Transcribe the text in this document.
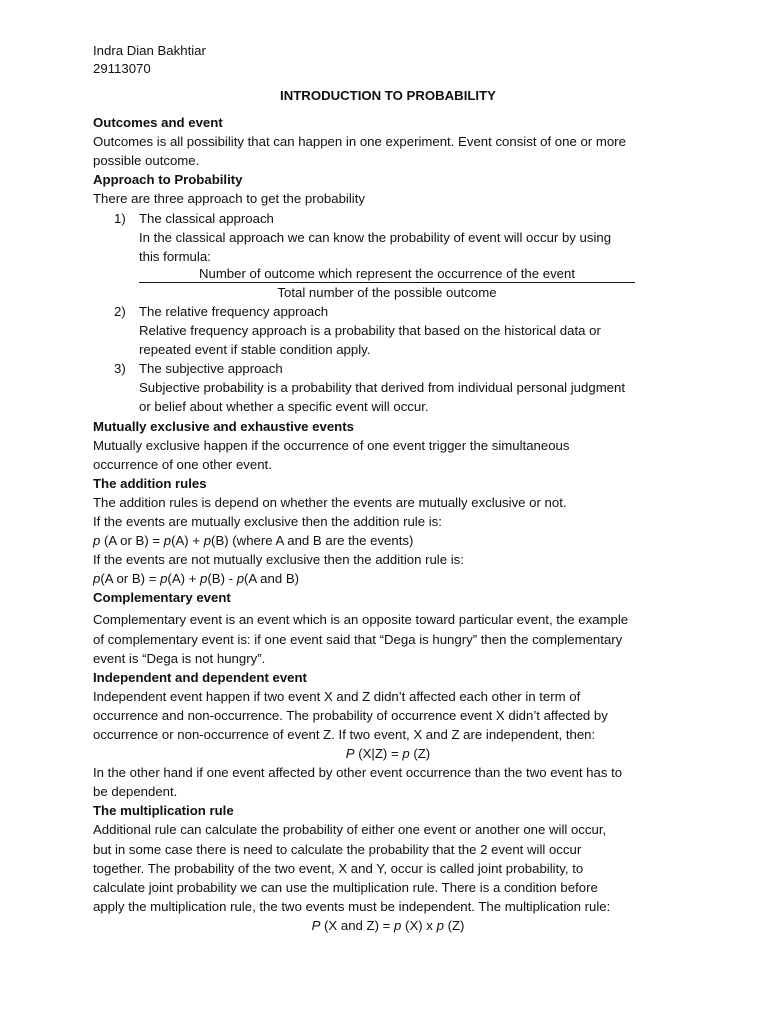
Indra Dian Bakhtiar
29113070
INTRODUCTION TO PROBABILITY
Outcomes and event
Outcomes is all possibility that can happen in one experiment. Event consist of one or more
possible outcome.
Approach to Probability
There are three approach to get the probability
1) The classical approach
In the classical approach we can know the probability of event will occur by using
this formula:
Number of outcome which represent the occurrence of the event
Total number of the possible outcome
2) The relative frequency approach
Relative frequency approach is a probability that based on the historical data or
repeated event if stable condition apply.
3) The subjective approach
Subjective probability is a probability that derived from individual personal judgment
or belief about whether a specific event will occur.
Mutually exclusive and exhaustive events
Mutually exclusive happen if the occurrence of one event trigger the simultaneous
occurrence of one other event.
The addition rules
The addition rules is depend on whether the events are mutually exclusive or not.
If the events are mutually exclusive then the addition rule is:
p (A or B) = p(A) + p(B) (where A and B are the events)
If the events are not mutually exclusive then the addition rule is:
p(A or B) = p(A) + p(B) - p(A and B)
Complementary event
Complementary event is an event which is an opposite toward particular event, the example
of complementary event is: if one event said that “Dega is hungry” then the complementary
event is “Dega is not hungry”.
Independent and dependent event
Independent event happen if two event X and Z didn’t affected each other in term of
occurrence and non-occurrence. The probability of occurrence event X didn’t affected by
occurrence or non-occurrence of event Z. If two event, X and Z are independent, then:
P (X|Z) = p (Z)
In the other hand if one event affected by other event occurrence than the two event has to
be dependent.
The multiplication rule
Additional rule can calculate the probability of either one event or another one will occur,
but in some case there is need to calculate the probability that the 2 event will occur
together. The probability of the two event, X and Y, occur is called joint probability, to
calculate joint probability we can use the multiplication rule. There is a condition before
apply the multiplication rule, the two events must be independent. The multiplication rule:
P (X and Z) = p (X) x p (Z)
